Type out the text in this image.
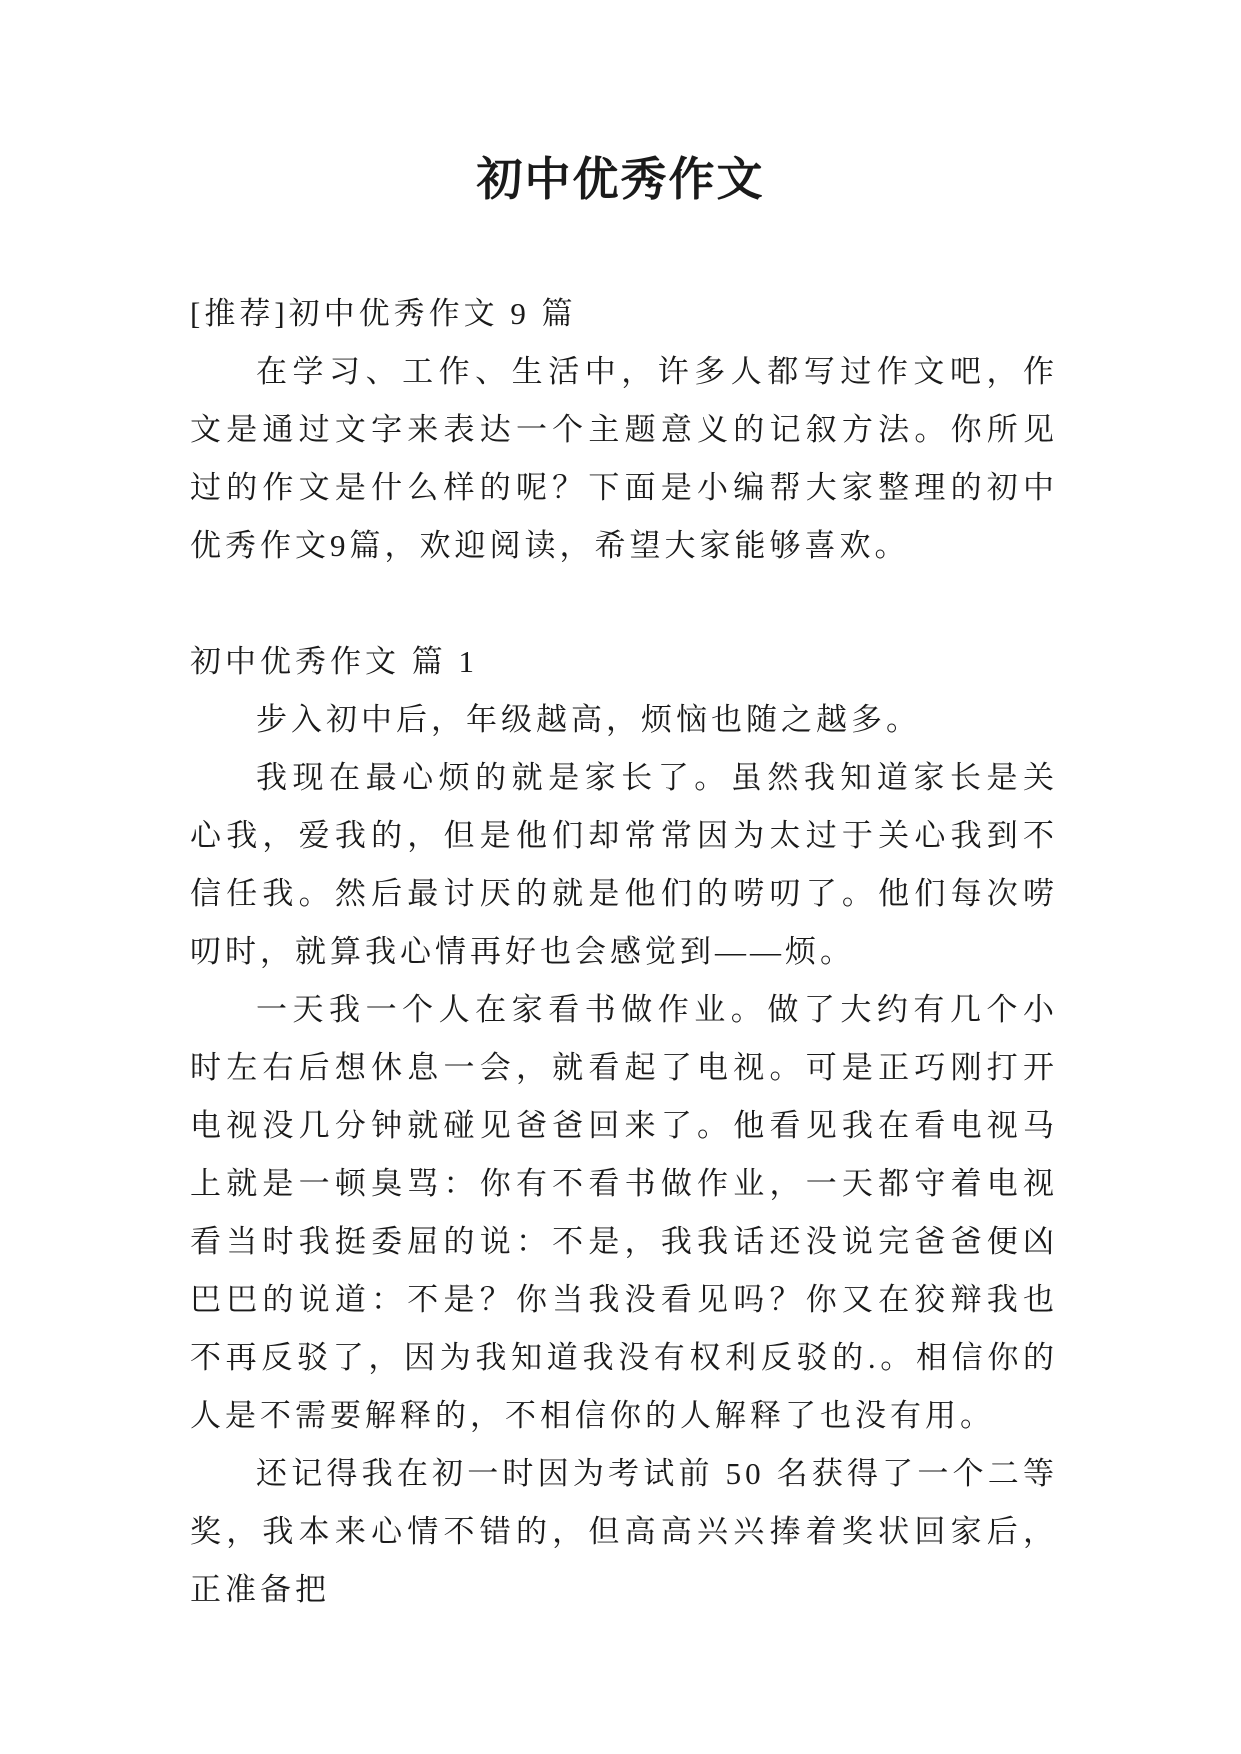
初中优秀作文

[推荐]初中优秀作文 9 篇

在学习、工作、生活中，许多人都写过作文吧，作文是通过文字来表达一个主题意义的记叙方法。你所见过的作文是什么样的呢？下面是小编帮大家整理的初中优秀作文9篇，欢迎阅读，希望大家能够喜欢。

初中优秀作文 篇 1

步入初中后，年级越高，烦恼也随之越多。

我现在最心烦的就是家长了。虽然我知道家长是关心我，爱我的，但是他们却常常因为太过于关心我到不信任我。然后最讨厌的就是他们的唠叨了。他们每次唠叨时，就算我心情再好也会感觉到——烦。

一天我一个人在家看书做作业。做了大约有几个小时左右后想休息一会，就看起了电视。可是正巧刚打开电视没几分钟就碰见爸爸回来了。他看见我在看电视马上就是一顿臭骂：你有不看书做作业，一天都守着电视看当时我挺委屈的说：不是，我我话还没说完爸爸便凶巴巴的说道：不是？你当我没看见吗？你又在狡辩我也不再反驳了，因为我知道我没有权利反驳的.。相信你的人是不需要解释的，不相信你的人解释了也没有用。

还记得我在初一时因为考试前 50 名获得了一个二等奖，我本来心情不错的，但高高兴兴捧着奖状回家后，正准备把
